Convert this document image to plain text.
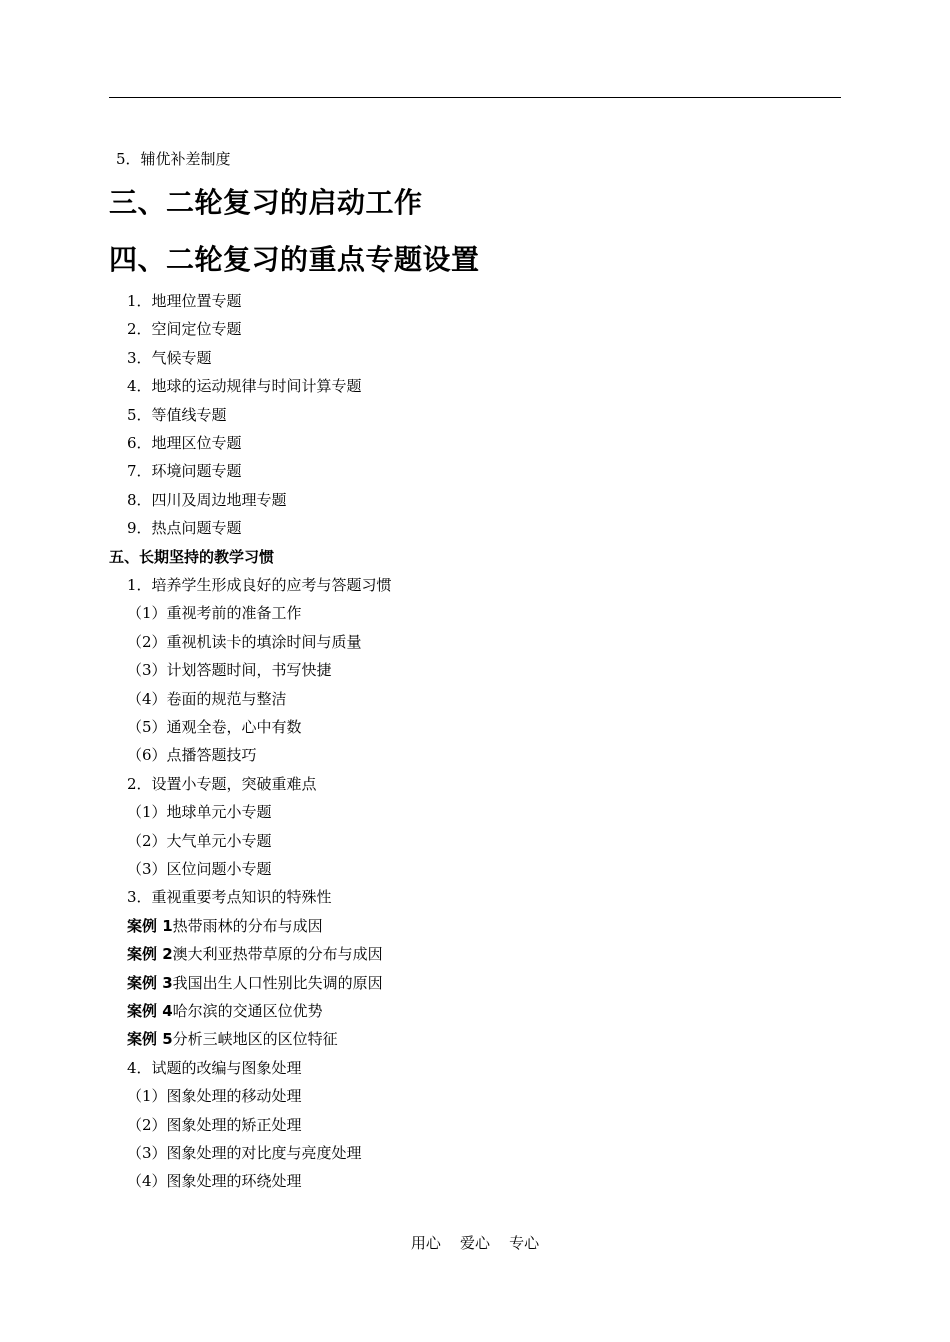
5．辅优补差制度
三、二轮复习的启动工作
四、二轮复习的重点专题设置
1．地理位置专题
2．空间定位专题
3．气候专题
4．地球的运动规律与时间计算专题
5．等值线专题
6．地理区位专题
7．环境问题专题
8．四川及周边地理专题
9．热点问题专题
五、长期坚持的教学习惯
1．培养学生形成良好的应考与答题习惯
（1）重视考前的准备工作
（2）重视机读卡的填涂时间与质量
（3）计划答题时间，书写快捷
（4）卷面的规范与整洁
（5）通观全卷，心中有数
（6）点播答题技巧
2．设置小专题，突破重难点
（1）地球单元小专题
（2）大气单元小专题
（3）区位问题小专题
3．重视重要考点知识的特殊性
案例 1热带雨林的分布与成因
案例 2澳大利亚热带草原的分布与成因
案例 3我国出生人口性别比失调的原因
案例 4哈尔滨的交通区位优势
案例 5分析三峡地区的区位特征
4．试题的改编与图象处理
（1）图象处理的移动处理
（2）图象处理的矫正处理
（3）图象处理的对比度与亮度处理
（4）图象处理的环绕处理
用心    爱心    专心
